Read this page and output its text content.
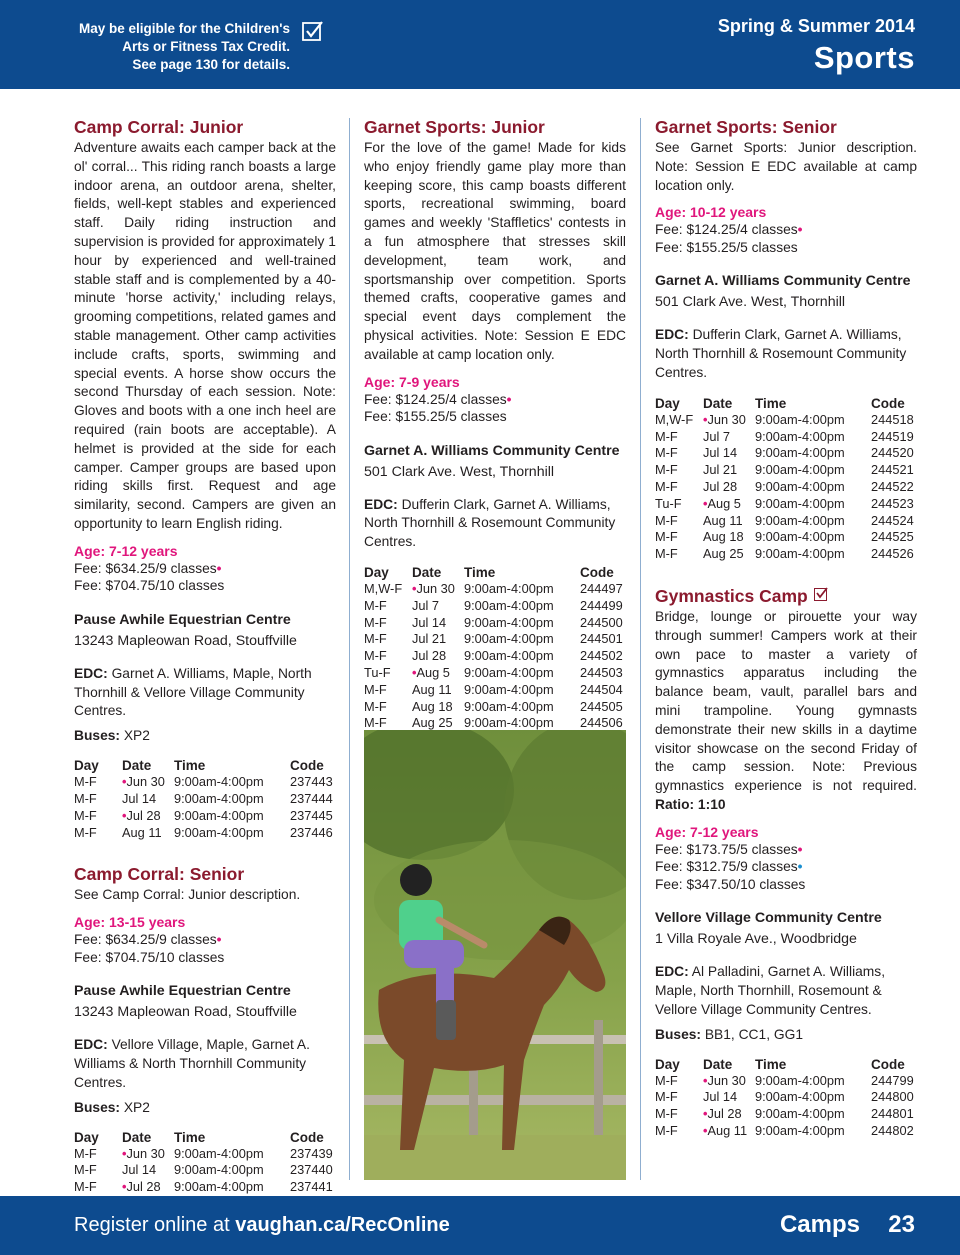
May be eligible for the Children's
Arts or Fitness Tax Credit.
See page 130 for details.
Spring & Summer 2014
Sports
Camp Corral: Junior
Adventure awaits each camper back at the ol' corral... This riding ranch boasts a large indoor arena, an outdoor arena, shelter, fields, well-kept stables and experienced staff. Daily riding instruction and supervision is provided for approximately 1 hour by experienced and well-trained stable staff and is complemented by a 40-minute 'horse activity,' including relays, grooming competitions, related games and stable management. Other camp activities include crafts, sports, swimming and special events. A horse show occurs the second Thursday of each session. Note: Gloves and boots with a one inch heel are required (rain boots are acceptable). A helmet is provided at the side for each camper. Camper groups are based upon riding skills first. Request and age similarity, second. Campers are given an opportunity to learn English riding.
Age: 7-12 years
Fee: $634.25/9 classes•
Fee: $704.75/10 classes
Pause Awhile Equestrian Centre
13243 Mapleowan Road, Stouffville
EDC: Garnet A. Williams, Maple, North Thornhill & Vellore Village Community Centres.
Buses: XP2
Day	Date	Time	Code
M-F	•Jun 30	9:00am-4:00pm	237443
M-F	Jul 14	9:00am-4:00pm	237444
M-F	•Jul 28	9:00am-4:00pm	237445
M-F	Aug 11	9:00am-4:00pm	237446
Camp Corral: Senior
See Camp Corral: Junior description.
Age: 13-15 years
Fee: $634.25/9 classes•
Fee: $704.75/10 classes
Pause Awhile Equestrian Centre
13243 Mapleowan Road, Stouffville
EDC: Vellore Village, Maple, Garnet A. Williams & North Thornhill Community Centres.
Buses: XP2
Day	Date	Time	Code
M-F	•Jun 30	9:00am-4:00pm	237439
M-F	Jul 14	9:00am-4:00pm	237440
M-F	•Jul 28	9:00am-4:00pm	237441

Garnet Sports: Junior
For the love of the game! Made for kids who enjoy friendly game play more than keeping score, this camp boasts different sports, recreational swimming, board games and weekly 'Staffletics' contests in a fun atmosphere that stresses skill development, team work, and sportsmanship over competition. Sports themed crafts, cooperative games and special event days complement the physical activities. Note: Session E EDC available at camp location only.
Age: 7-9 years
Fee: $124.25/4 classes•
Fee: $155.25/5 classes
Garnet A. Williams Community Centre
501 Clark Ave. West, Thornhill
EDC: Dufferin Clark, Garnet A. Williams, North Thornhill & Rosemount Community Centres.
Day	Date	Time	Code
M,W-F	•Jun 30	9:00am-4:00pm	244497
M-F	Jul 7	9:00am-4:00pm	244499
M-F	Jul 14	9:00am-4:00pm	244500
M-F	Jul 21	9:00am-4:00pm	244501
M-F	Jul 28	9:00am-4:00pm	244502
Tu-F	•Aug 5	9:00am-4:00pm	244503
M-F	Aug 11	9:00am-4:00pm	244504
M-F	Aug 18	9:00am-4:00pm	244505
M-F	Aug 25	9:00am-4:00pm	244506
Garnet Sports: Senior
See Garnet Sports: Junior description. Note: Session E EDC available at camp location only.
Age: 10-12 years
Fee: $124.25/4 classes•
Fee: $155.25/5 classes
Garnet A. Williams Community Centre
501 Clark Ave. West, Thornhill
EDC: Dufferin Clark, Garnet A. Williams, North Thornhill & Rosemount Community Centres.
Day	Date	Time	Code
M,W-F	•Jun 30	9:00am-4:00pm	244518
M-F	Jul 7	9:00am-4:00pm	244519
M-F	Jul 14	9:00am-4:00pm	244520
M-F	Jul 21	9:00am-4:00pm	244521
M-F	Jul 28	9:00am-4:00pm	244522
Tu-F	•Aug 5	9:00am-4:00pm	244523
M-F	Aug 11	9:00am-4:00pm	244524
M-F	Aug 18	9:00am-4:00pm	244525
M-F	Aug 25	9:00am-4:00pm	244526
Gymnastics Camp
Bridge, lounge or pirouette your way through summer! Campers work at their own pace to master a variety of gymnastics apparatus including the balance beam, vault, parallel bars and mini trampoline. Young gymnasts demonstrate their new skills in a daytime visitor showcase on the second Friday of the camp session. Note: Previous gymnastics experience is not required. Ratio: 1:10
Age: 7-12 years
Fee: $173.75/5 classes•
Fee: $312.75/9 classes•
Fee: $347.50/10 classes
Vellore Village Community Centre
1 Villa Royale Ave., Woodbridge
EDC: Al Palladini, Garnet A. Williams, Maple, North Thornhill, Rosemount & Vellore Village Community Centres.
Buses: BB1, CC1, GG1
Day	Date	Time	Code
M-F	•Jun 30	9:00am-4:00pm	244799
M-F	Jul 14	9:00am-4:00pm	244800
M-F	•Jul 28	9:00am-4:00pm	244801
M-F	•Aug 11	9:00am-4:00pm	244802
Register online at vaughan.ca/RecOnline	Camps 23
